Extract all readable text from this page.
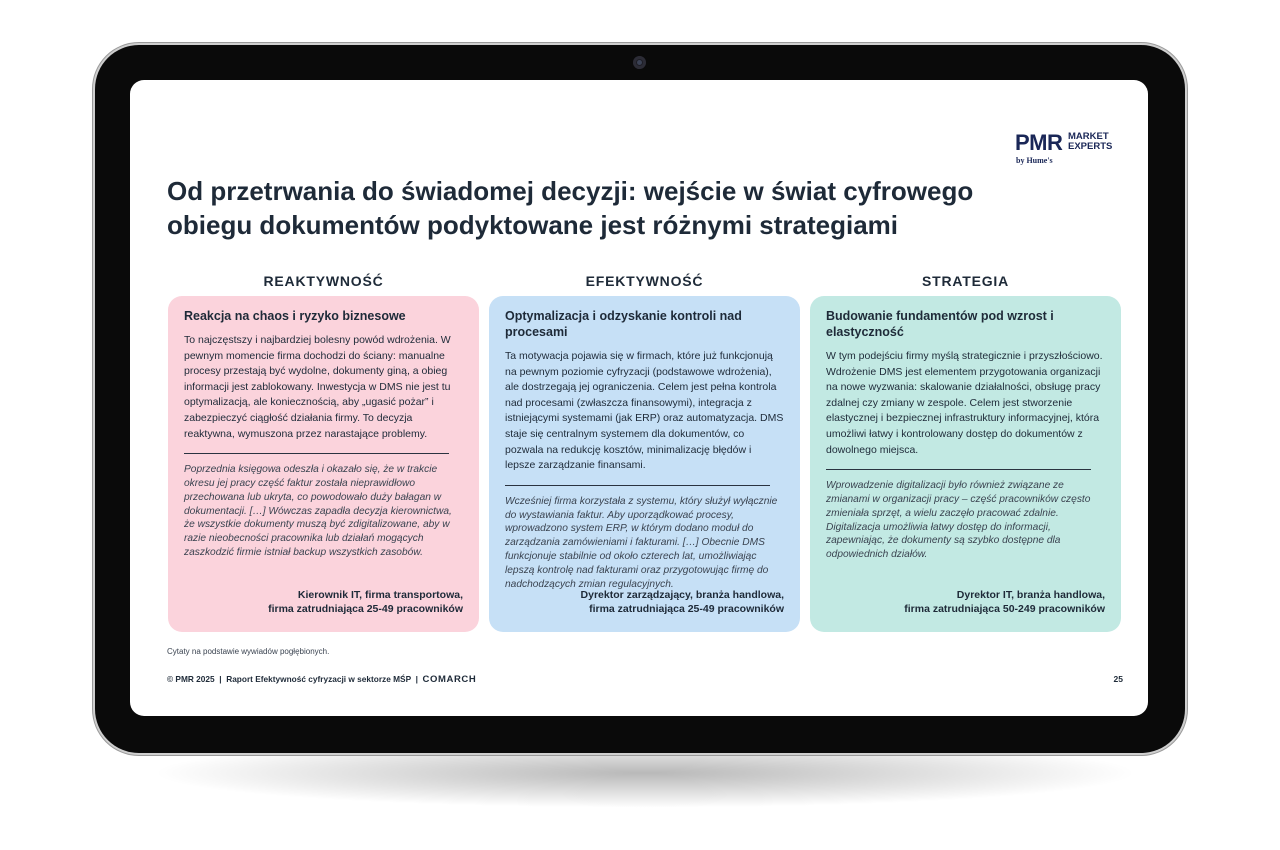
PMR MARKET
EXPERTS
by Hume's
Od przetrwania do świadomej decyzji: wejście w świat cyfrowego obiegu dokumentów podyktowane jest różnymi strategiami
REAKTYWNOŚĆ
Reakcja na chaos i ryzyko biznesowe

To najczęstszy i najbardziej bolesny powód wdrożenia. W pewnym momencie firma dochodzi do ściany: manualne procesy przestają być wydolne, dokumenty giną, a obieg informacji jest zablokowany. Inwestycja w DMS nie jest tu optymalizacją, ale koniecznością, aby „ugasić pożar” i zabezpieczyć ciągłość działania firmy. To decyzja reaktywna, wymuszona przez narastające problemy.

Poprzednia księgowa odeszła i okazało się, że w trakcie okresu jej pracy część faktur została nieprawidłowo przechowana lub ukryta, co powodowało duży bałagan w dokumentacji. […] Wówczas zapadła decyzja kierownictwa, że wszystkie dokumenty muszą być zdigitalizowane, aby w razie nieobecności pracownika lub działań mogących zaszkodzić firmie istniał backup wszystkich zasobów.

Kierownik IT, firma transportowa,
firma zatrudniająca 25-49 pracowników
EFEKTYWNOŚĆ
Optymalizacja i odzyskanie kontroli nad procesami

Ta motywacja pojawia się w firmach, które już funkcjonują na pewnym poziomie cyfryzacji (podstawowe wdrożenia), ale dostrzegają jej ograniczenia. Celem jest pełna kontrola nad procesami (zwłaszcza finansowymi), integracja z istniejącymi systemami (jak ERP) oraz automatyzacja. DMS staje się centralnym systemem dla dokumentów, co pozwala na redukcję kosztów, minimalizację błędów i lepsze zarządzanie finansami.

Wcześniej firma korzystała z systemu, który służył wyłącznie do wystawiania faktur. Aby uporządkować procesy, wprowadzono system ERP, w którym dodano moduł do zarządzania zamówieniami i fakturami. […] Obecnie DMS funkcjonuje stabilnie od około czterech lat, umożliwiając lepszą kontrolę nad fakturami oraz przygotowując firmę do nadchodzących zmian regulacyjnych.

Dyrektor zarządzający, branża handlowa,
firma zatrudniająca 25-49 pracowników
STRATEGIA
Budowanie fundamentów pod wzrost i elastyczność

W tym podejściu firmy myślą strategicznie i przyszłościowo. Wdrożenie DMS jest elementem przygotowania organizacji na nowe wyzwania: skalowanie działalności, obsługę pracy zdalnej czy zmiany w zespole. Celem jest stworzenie elastycznej i bezpiecznej infrastruktury informacyjnej, która umożliwi łatwy i kontrolowany dostęp do dokumentów z dowolnego miejsca.

Wprowadzenie digitalizacji było również związane ze zmianami w organizacji pracy – część pracowników często zmieniała sprzęt, a wielu zaczęło pracować zdalnie. Digitalizacja umożliwia łatwy dostęp do informacji, zapewniając, że dokumenty są szybko dostępne dla odpowiednich działów.

Dyrektor IT, branża handlowa,
firma zatrudniająca 50-249 pracowników
Cytaty na podstawie wywiadów pogłębionych.
© PMR 2025 | Raport Efektywność cyfryzacji w sektorze MŚP | COMARCH	25
